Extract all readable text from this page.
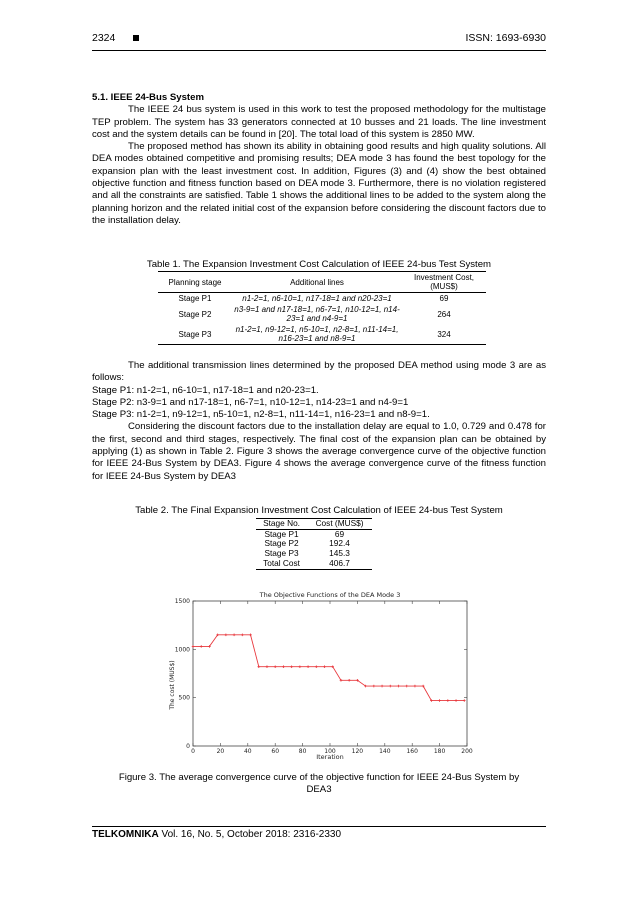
2324	ISSN: 1693-6930

5.1. IEEE 24-Bus System

The IEEE 24 bus system is used in this work to test the proposed methodology for the multistage TEP problem. The system has 33 generators connected at 10 busses and 21 loads. The line investment cost and the system details can be found in [20]. The total load of this system is 2850 MW.

The proposed method has shown its ability in obtaining good results and high quality solutions. All DEA modes obtained competitive and promising results; DEA mode 3 has found the best topology for the expansion plan with the least investment cost. In addition, Figures (3) and (4) show the best obtained objective function and fitness function based on DEA mode 3. Furthermore, there is no violation registered and all the constraints are satisfied. Table 1 shows the additional lines to be added to the system along the planning horizon and the related initial cost of the expansion before considering the discount factors due to the installation delay.

Table 1. The Expansion Investment Cost Calculation of IEEE 24-bus Test System
Planning stage	Additional lines	Investment Cost, (MUS$)
Stage P1	n1-2=1, n6-10=1, n17-18=1 and n20-23=1	69
Stage P2	n3-9=1 and n17-18=1, n6-7=1, n10-12=1, n14-23=1 and n4-9=1	264
Stage P3	n1-2=1, n9-12=1, n5-10=1, n2-8=1, n11-14=1, n16-23=1 and n8-9=1	324

The additional transmission lines determined by the proposed DEA method using mode 3 are as follows:

Stage P1: n1-2=1, n6-10=1, n17-18=1 and n20-23=1.

Stage P2: n3-9=1 and n17-18=1, n6-7=1, n10-12=1, n14-23=1 and n4-9=1

Stage P3: n1-2=1, n9-12=1, n5-10=1, n2-8=1, n11-14=1, n16-23=1 and n8-9=1.

Considering the discount factors due to the installation delay are equal to 1.0, 0.729 and 0.478 for the first, second and third stages, respectively. The final cost of the expansion plan can be obtained by applying (1) as shown in Table 2. Figure 3 shows the average convergence curve of the objective function for IEEE 24-Bus System by DEA3. Figure 4 shows the average convergence curve of the fitness function for IEEE 24-Bus System by DEA3

Table 2. The Final Expansion Investment Cost Calculation of IEEE 24-bus Test System
Stage No.	Cost (MUS$)
Stage P1	69
Stage P2	192.4
Stage P3	145.3
Total Cost	406.7
The Objective Functions of the DEA Mode 3
The cost (MUS$)
Iteration
0	20	40	60	80	100	120	140	160	180	200
0
500
1000
1500
Figure 3. The average convergence curve of the objective function for IEEE 24-Bus System by DEA3
TELKOMNIKA Vol. 16, No. 5, October 2018: 2316-2330
